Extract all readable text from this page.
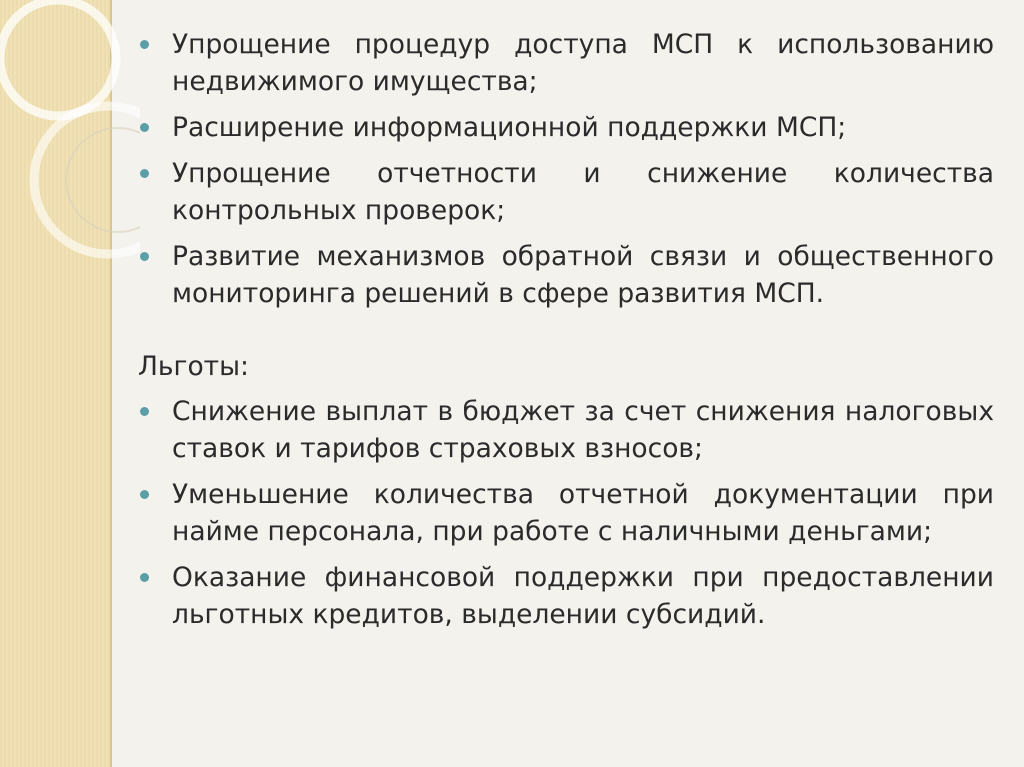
Упрощение процедур доступа МСП к использованию недвижимого имущества;
Расширение информационной поддержки МСП;
Упрощение отчетности и снижение количества контрольных проверок;
Развитие механизмов обратной связи и общественного мониторинга решений в сфере развития МСП.
Льготы:
Снижение выплат в бюджет за счет снижения налоговых ставок и тарифов страховых взносов;
Уменьшение количества отчетной документации при найме персонала, при работе с наличными деньгами;
Оказание финансовой поддержки при предоставлении льготных кредитов, выделении субсидий.
